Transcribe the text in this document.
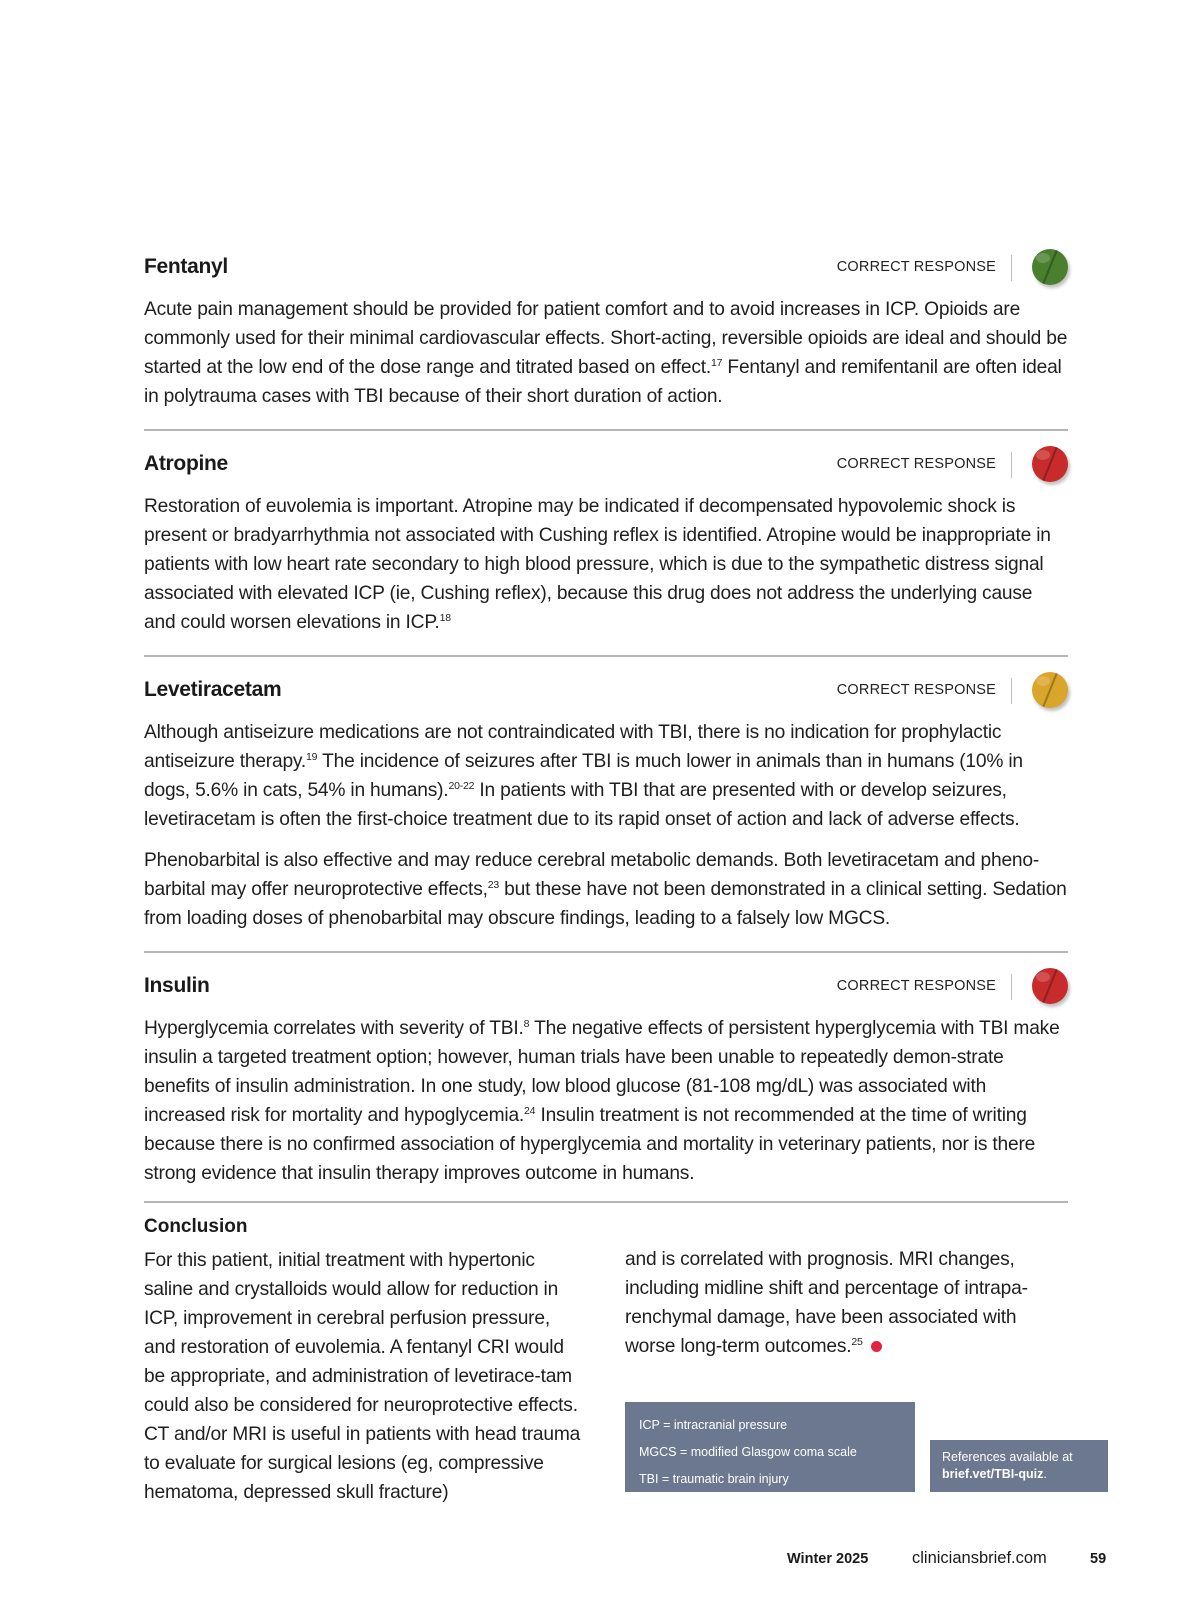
Fentanyl	CORRECT RESPONSE

Acute pain management should be provided for patient comfort and to avoid increases in ICP. Opioids are commonly used for their minimal cardiovascular effects. Short-acting, reversible opioids are ideal and should be started at the low end of the dose range and titrated based on effect.$^{17}$ Fentanyl and remifentanil are often ideal in polytrauma cases with TBI because of their short duration of action.

Atropine	CORRECT RESPONSE

Restoration of euvolemia is important. Atropine may be indicated if decompensated hypovolemic shock is present or bradyarrhythmia not associated with Cushing reflex is identified. Atropine would be inappropriate in patients with low heart rate secondary to high blood pressure, which is due to the sympathetic distress signal associated with elevated ICP (ie, Cushing reflex), because this drug does not address the underlying cause and could worsen elevations in ICP.$^{18}$

Levetiracetam	CORRECT RESPONSE

Although antiseizure medications are not contraindicated with TBI, there is no indication for prophylactic antiseizure therapy.$^{19}$ The incidence of seizures after TBI is much lower in animals than in humans (10% in dogs, 5.6% in cats, 54% in humans).$^{20-22}$ In patients with TBI that are presented with or develop seizures, levetiracetam is often the first-choice treatment due to its rapid onset of action and lack of adverse effects.

Phenobarbital is also effective and may reduce cerebral metabolic demands. Both levetiracetam and pheno-barbital may offer neuroprotective effects,$^{23}$ but these have not been demonstrated in a clinical setting. Sedation from loading doses of phenobarbital may obscure findings, leading to a falsely low MGCS.

Insulin	CORRECT RESPONSE

Hyperglycemia correlates with severity of TBI.$^8$ The negative effects of persistent hyperglycemia with TBI make insulin a targeted treatment option; however, human trials have been unable to repeatedly demon-strate benefits of insulin administration. In one study, low blood glucose (81-108 mg/dL) was associated with increased risk for mortality and hypoglycemia.$^{24}$ Insulin treatment is not recommended at the time of writing because there is no confirmed association of hyperglycemia and mortality in veterinary patients, nor is there strong evidence that insulin therapy improves outcome in humans.

Conclusion
For this patient, initial treatment with hypertonic saline and crystalloids would allow for reduction in ICP, improvement in cerebral perfusion pressure, and restoration of euvolemia. A fentanyl CRI would be appropriate, and administration of levetirace-tam could also be considered for neuroprotective effects. CT and/or MRI is useful in patients with head trauma to evaluate for surgical lesions (eg, compressive hematoma, depressed skull fracture)
and is correlated with prognosis. MRI changes, including midline shift and percentage of intrapa-renchymal damage, have been associated with worse long-term outcomes.$^{25}$
ICP = intracranial pressure
MGCS = modified Glasgow coma scale
TBI = traumatic brain injury
References available at
brief.vet/TBI-quiz.
Winter 2025	cliniciansbrief.com	59
